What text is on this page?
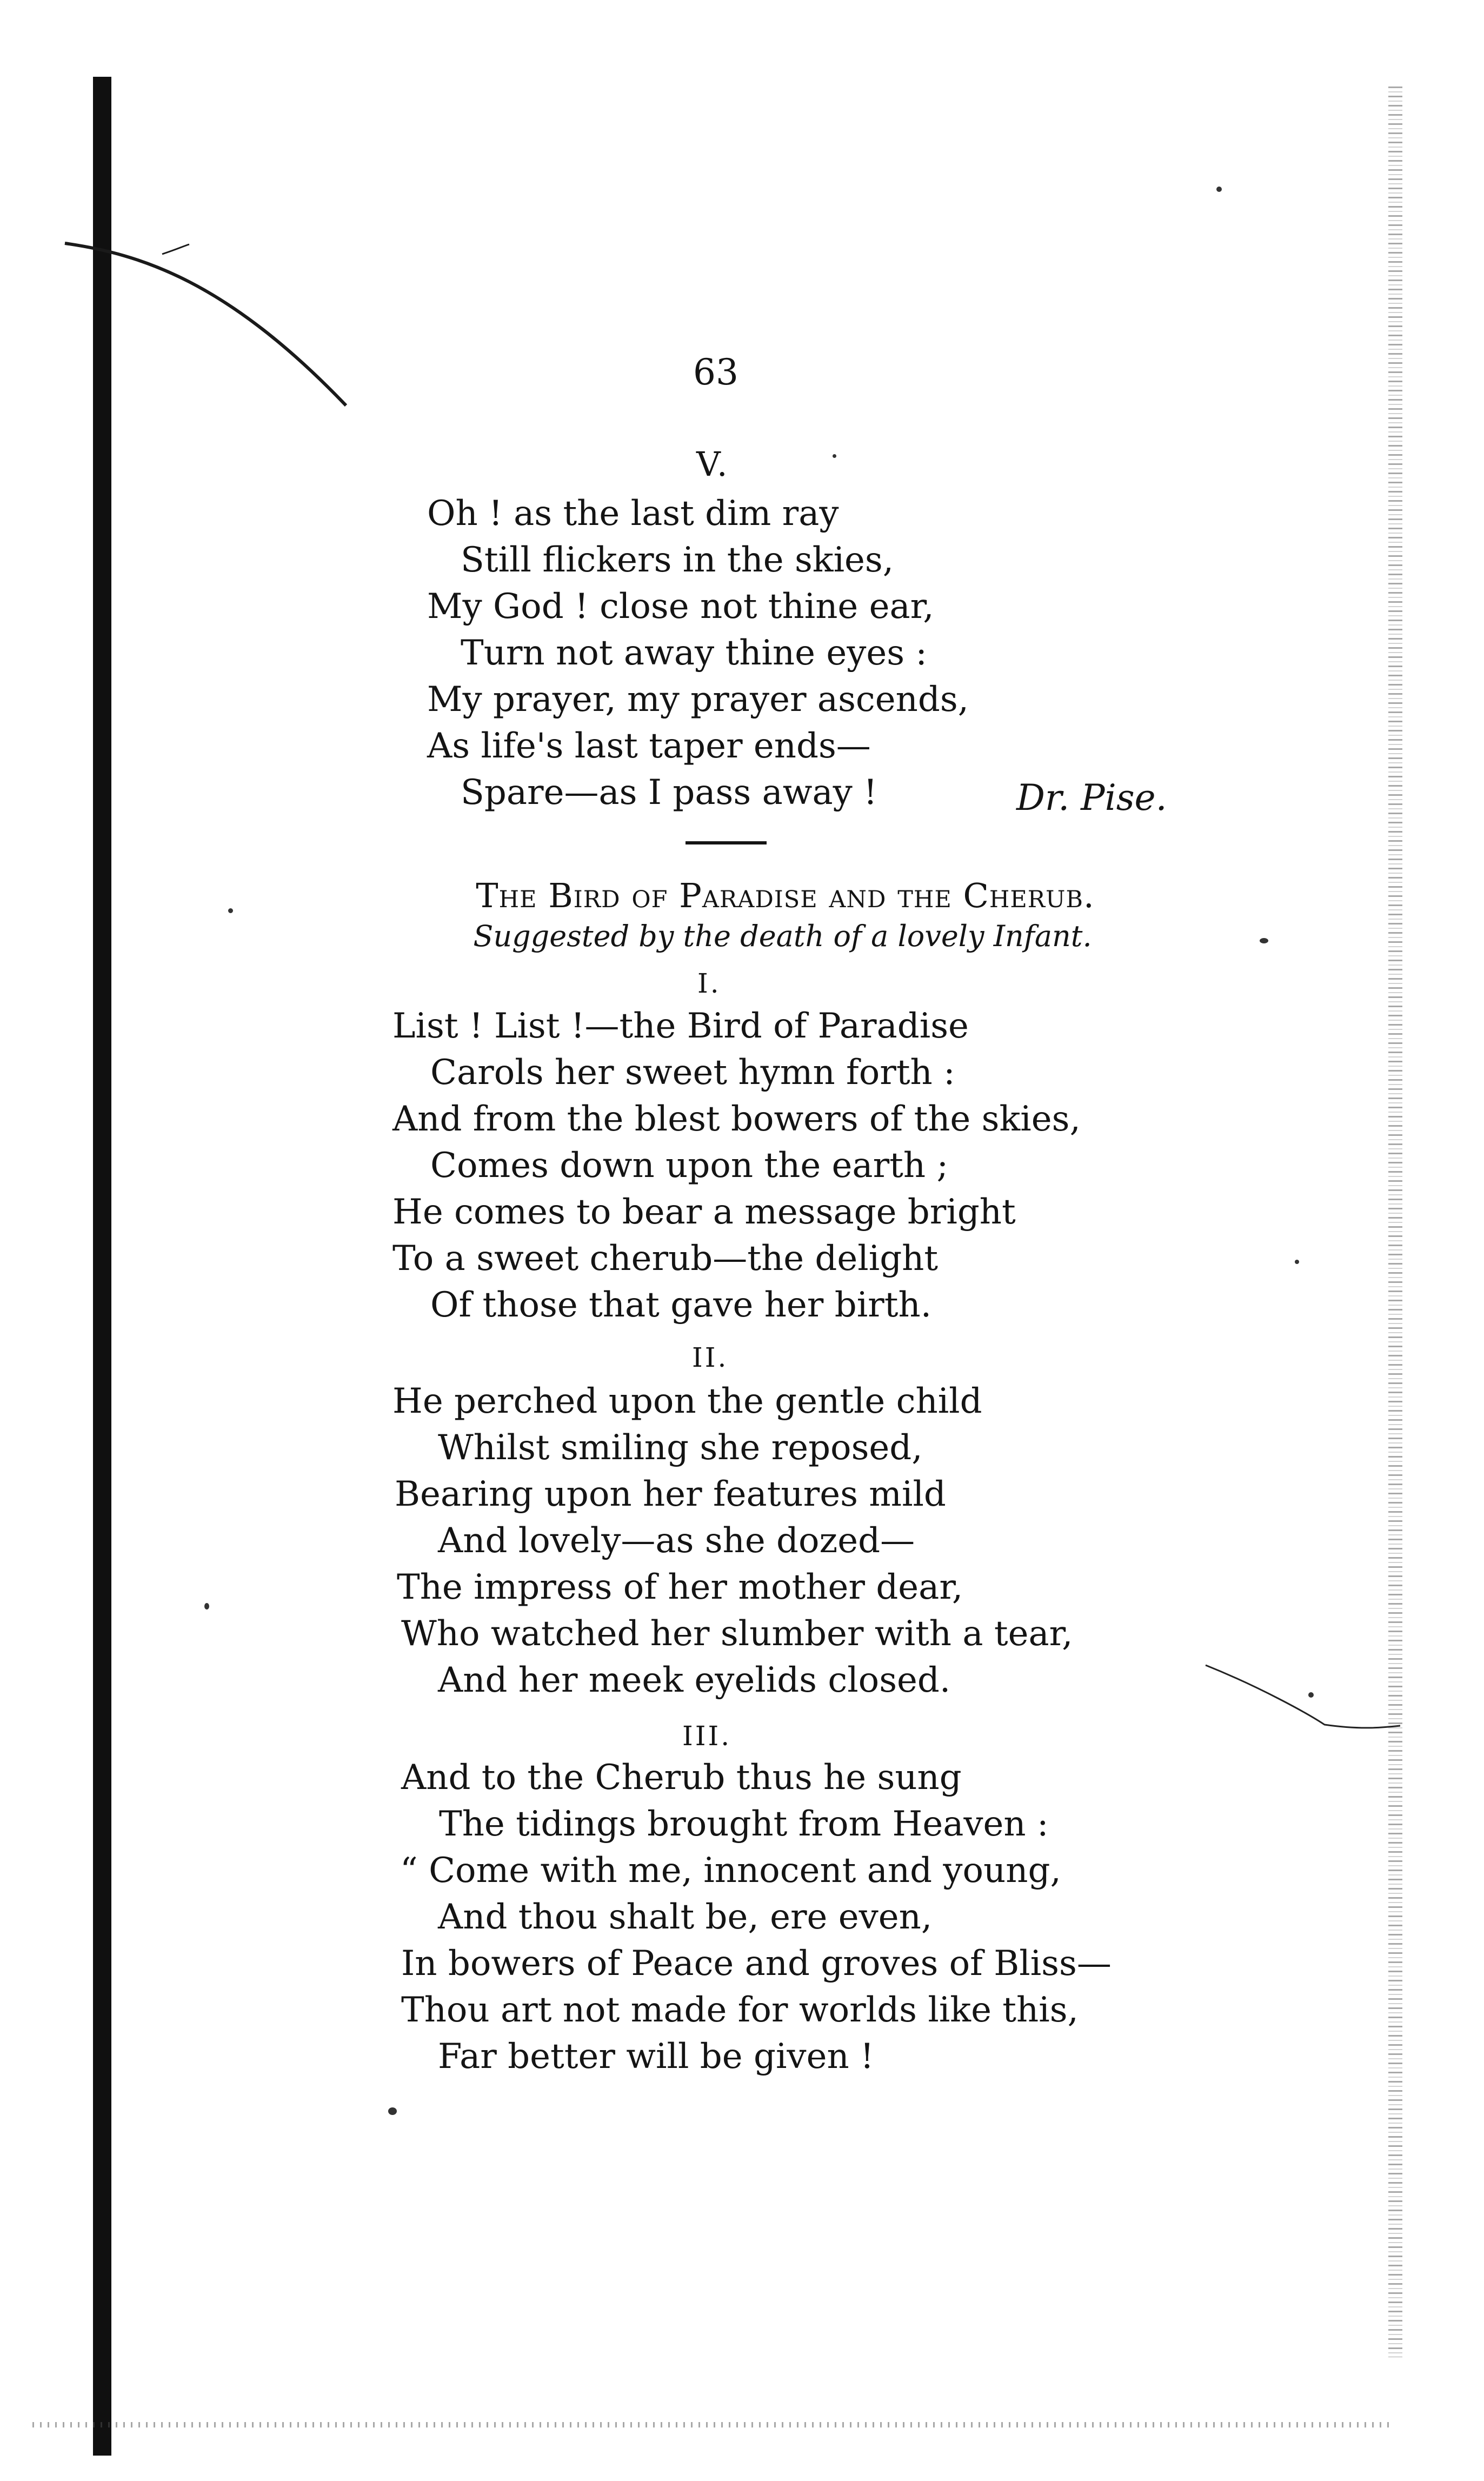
63

V.

Oh ! as the last dim ray

Still flickers in the skies,

My God ! close not thine ear,

Turn not away thine eyes :

My prayer, my prayer ascends,

As life's last taper ends—

Spare—as I pass away !	Dr. Pise.

The Bird of Paradise and the Cherub.

Suggested by the death of a lovely Infant.

I.

List ! List !—the Bird of Paradise

Carols her sweet hymn forth :

And from the blest bowers of the skies,

Comes down upon the earth ;

He comes to bear a message bright

To a sweet cherub—the delight

Of those that gave her birth.

II.

He perched upon the gentle child

Whilst smiling she reposed,

Bearing upon her features mild

And lovely—as she dozed—

The impress of her mother dear,

Who watched her slumber with a tear,

And her meek eyelids closed.

III.

And to the Cherub thus he sung

The tidings brought from Heaven :

“ Come with me, innocent and young,

And thou shalt be, ere even,

In bowers of Peace and groves of Bliss—

Thou art not made for worlds like this,

Far better will be given !
